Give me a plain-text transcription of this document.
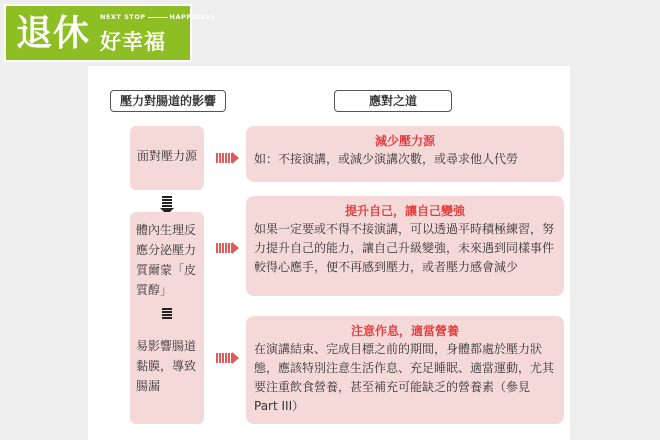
退休 NEXT STOP	HAPPINESS
好幸福
壓力對腸道的影響	應對之道
面對壓力源
體內生理反應分泌壓力質爾蒙「皮質醇」
易影響腸道黏膜，導致腸漏
減少壓力源
如：不接演講，或減少演講次數，或尋求他人代勞
提升自己，讓自己變強
如果一定要或不得不接演講，可以透過平時積極練習，努力提升自己的能力，讓自己升級變強，未來遇到同樣事件較得心應手，便不再感到壓力，或者壓力感會減少
注意作息，適當營養
在演講結束、完成目標之前的期間，身體都處於壓力狀態，應該特別注意生活作息、充足睡眠、適當運動，尤其要注重飲食營養，甚至補充可能缺乏的營養素（參見 Part III）
